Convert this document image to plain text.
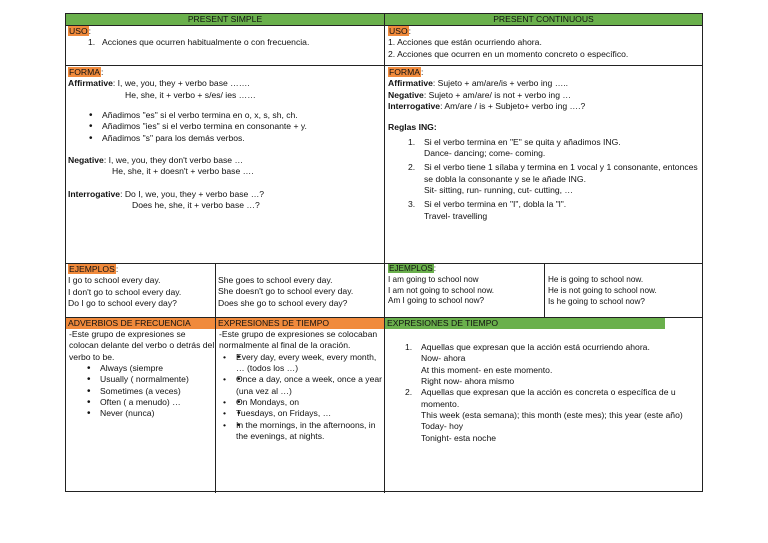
PRESENT SIMPLE	PRESENT CONTINUOUS
USO:
1. Acciones que ocurren habitualmente o con frecuencia.
USO:
1. Acciones que están ocurriendo ahora.
2. Acciones que ocurren en un momento concreto o específico.
FORMA:
Affirmative: I, we, you, they + verbo base …….
He, she, it + verbo + s/es/ ies ……
• Añadimos "es" si el verbo termina en o, x, s, sh, ch.
• Añadimos "ies" si el verbo termina en consonante + y.
• Añadimos "s" para los demás verbos.
Negative: I, we, you, they don't verbo base …
He, she, it + doesn't + verbo base ….
Interrogative: Do I, we, you, they + verbo base …?
Does he, she, it + verbo base …?
FORMA:
Affirmative: Sujeto + am/are/is + verbo ing …..
Negative: Sujeto + am/are/ is not + verbo ing …
Interrogative: Am/are / is + Subjeto+ verbo ing ….?
Reglas ING:
1. Si el verbo termina en "E" se quita y añadimos ING.
Dance- dancing; come- coming.
2. Si el verbo tiene 1 sílaba y termina en 1 vocal y 1 consonante, entonces se dobla la consonante y se le añade ING.
Sit- sitting, run- running, cut- cutting, …
3. Si el verbo termina en "I", dobla la "l".
Travel- travelling
EJEMPLOS:
I go to school every day.
I don't go to school every day.
Do I go to school every day?
She goes to school every day.
She doesn't go to school every day.
Does she go to school every day?
EJEMPLOS:
I am going to school now
I am not going to school now.
Am I going to school now?
He is going to school now.
He is not going to school now.
Is he going to school now?
ADVERBIOS DE FRECUENCIA
-Este grupo de expresiones se colocan delante del verbo o detrás del verbo to be.
• Always (siempre
• Usually ( normalmente)
• Sometimes (a veces)
• Often ( a menudo) …
• Never (nunca)
EXPRESIONES DE TIEMPO
-Este grupo de expresiones se colocaban normalmente al final de la oración.
• • Every day, every week, every month, … (todos los …)
• • Once a day, once a week, once a year (una vez al …)
• • On Mondays, on
• • Tuesdays, on Fridays, …
• • In the mornings, in the afternoons, in the evenings, at nights.
EXPRESIONES DE TIEMPO
1. Aquellas que expresan que la acción está ocurriendo ahora.
Now- ahora
At this moment- en este momento.
Right now- ahora mismo
2. Aquellas que expresan que la acción es concreta o específica de u momento.
This week (esta semana); this month (este mes); this year (este año)
Today- hoy
Tonight- esta noche
